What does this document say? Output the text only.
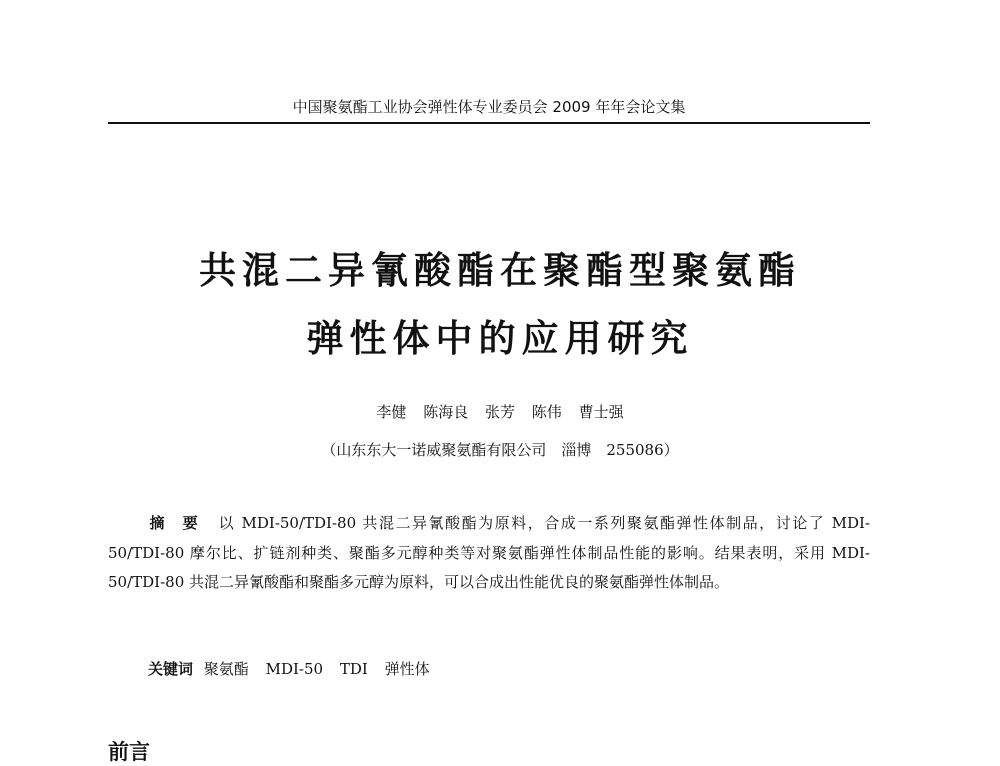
中国聚氨酯工业协会弹性体专业委员会 2009 年年会论文集
共混二异氰酸酯在聚酯型聚氨酯
弹性体中的应用研究
李健 陈海良 张芳 陈伟 曹士强
（山东东大一诺威聚氨酯有限公司　淄博　255086）
摘　要 以 MDI-50/TDI-80 共混二异氰酸酯为原料，合成一系列聚氨酯弹性体制品，讨论了 MDI-50/TDI-80 摩尔比、扩链剂种类、聚酯多元醇种类等对聚氨酯弹性体制品性能的影响。结果表明，采用 MDI-50/TDI-80 共混二异氰酸酯和聚酯多元醇为原料，可以合成出性能优良的聚氨酯弹性体制品。
关键词 聚氨酯 MDI-50 TDI 弹性体
前言
